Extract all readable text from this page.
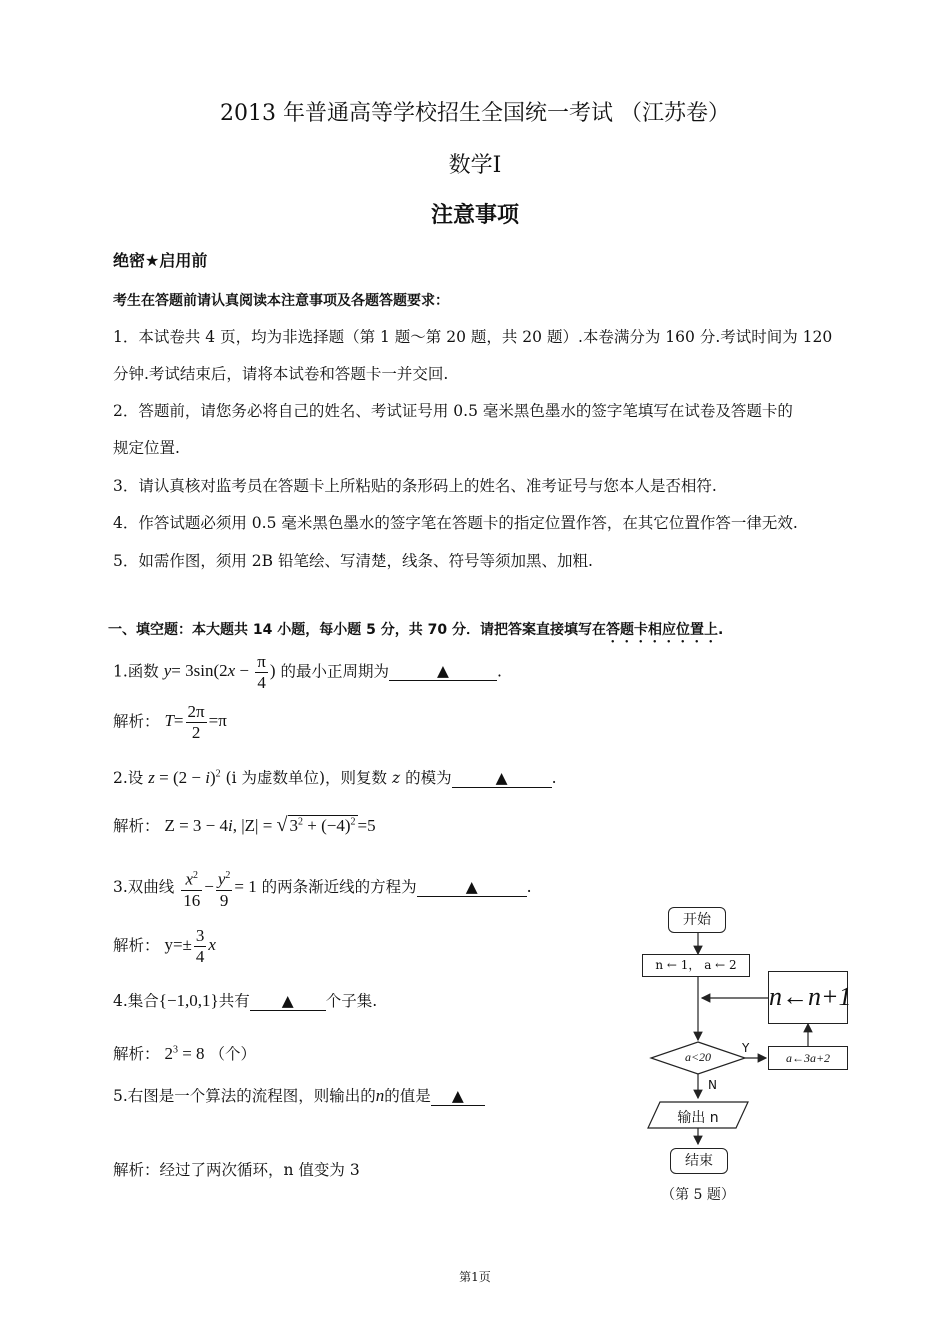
2013 年普通高等学校招生全国统一考试 （江苏卷）
数学Ⅰ
注意事项
绝密★启用前
考生在答题前请认真阅读本注意事项及各题答题要求：
1．本试卷共 4 页，均为非选择题（第 1 题～第 20 题，共 20 题）.本卷满分为 160 分.考试时间为 120
分钟.考试结束后，请将本试卷和答题卡一并交回.
2．答题前，请您务必将自己的姓名、考试证号用 0.5 毫米黑色墨水的签字笔填写在试卷及答题卡的
规定位置.
3．请认真核对监考员在答题卡上所粘贴的条形码上的姓名、准考证号与您本人是否相符.
4．作答试题必须用 0.5 毫米黑色墨水的签字笔在答题卡的指定位置作答，在其它位置作答一律无效.
5．如需作图，须用 2B 铅笔绘、写清楚，线条、符号等须加黑、加粗.
一、填空题：本大题共 14 小题，每小题 5 分，共 70 分．请把答案直接填写在答题卡相应位置上.
1.函数 $y= 3\sin(2x - \frac{\pi}{4}$ ) 的最小正周期为	▲	.
解析： $T= \frac{2\pi}{2} =\pi$
2.设 $z = (2 - i)^2$ (i 为虚数单位)，则复数 z 的模为	▲	.
解析： Z = 3 − 4i, |Z| = √ $3^2 + (-4)^2 =5$
3.双曲线 $\frac{x^2}{16} - \frac{y^2}{9} = 1$ 的两条渐近线的方程为	▲	.
解析： $y=\pm \frac{3}{4}$ x
4.集合{−1,0,1}共有 ▲ 个子集.
解析： $2^3 = 8$ （个）
5.右图是一个算法的流程图，则输出的n的值是 ▲
解析：经过了两次循环，n 值变为 3
开始
n ← 1， a ← 2
n←n+1
a<20
Y
N
a←3a+2
输出 n
结束
（第 5 题）
第1页
